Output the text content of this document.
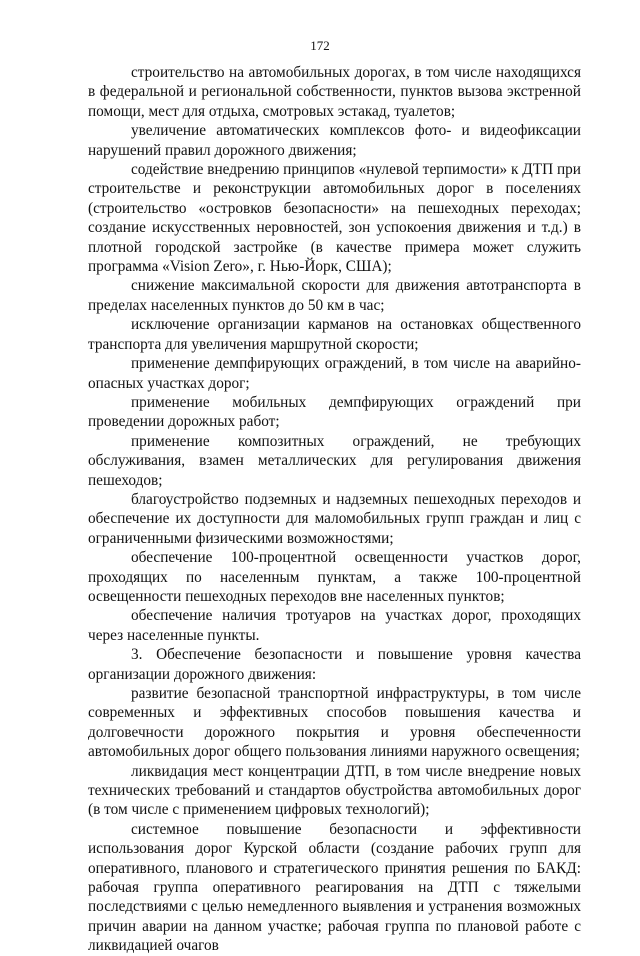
172

строительство на автомобильных дорогах, в том числе находящихся в федеральной и региональной собственности, пунктов вызова экстренной помощи, мест для отдыха, смотровых эстакад, туалетов;

увеличение автоматических комплексов фото- и видеофиксации нарушений правил дорожного движения;

содействие внедрению принципов «нулевой терпимости» к ДТП при строительстве и реконструкции автомобильных дорог в поселениях (строительство «островков безопасности» на пешеходных переходах; создание искусственных неровностей, зон успокоения движения и т.д.) в плотной городской застройке (в качестве примера может служить программа «Vision Zero», г. Нью-Йорк, США);

снижение максимальной скорости для движения автотранспорта в пределах населенных пунктов до 50 км в час;

исключение организации карманов на остановках общественного транспорта для увеличения маршрутной скорости;

применение демпфирующих ограждений, в том числе на аварийно-опасных участках дорог;

применение мобильных демпфирующих ограждений при проведении дорожных работ;

применение композитных ограждений, не требующих обслуживания, взамен металлических для регулирования движения пешеходов;

благоустройство подземных и надземных пешеходных переходов и обеспечение их доступности для маломобильных групп граждан и лиц с ограниченными физическими возможностями;

обеспечение 100-процентной освещенности участков дорог, проходящих по населенным пунктам, а также 100-процентной освещенности пешеходных переходов вне населенных пунктов;

обеспечение наличия тротуаров на участках дорог, проходящих через населенные пункты.

3. Обеспечение безопасности и повышение уровня качества организации дорожного движения:

развитие безопасной транспортной инфраструктуры, в том числе современных и эффективных способов повышения качества и долговечности дорожного покрытия и уровня обеспеченности автомобильных дорог общего пользования линиями наружного освещения;

ликвидация мест концентрации ДТП, в том числе внедрение новых технических требований и стандартов обустройства автомобильных дорог (в том числе с применением цифровых технологий);

системное повышение безопасности и эффективности использования дорог Курской области (создание рабочих групп для оперативного, планового и стратегического принятия решения по БАКД: рабочая группа оперативного реагирования на ДТП с тяжелыми последствиями с целью немедленного выявления и устранения возможных причин аварии на данном участке; рабочая группа по плановой работе с ликвидацией очагов
